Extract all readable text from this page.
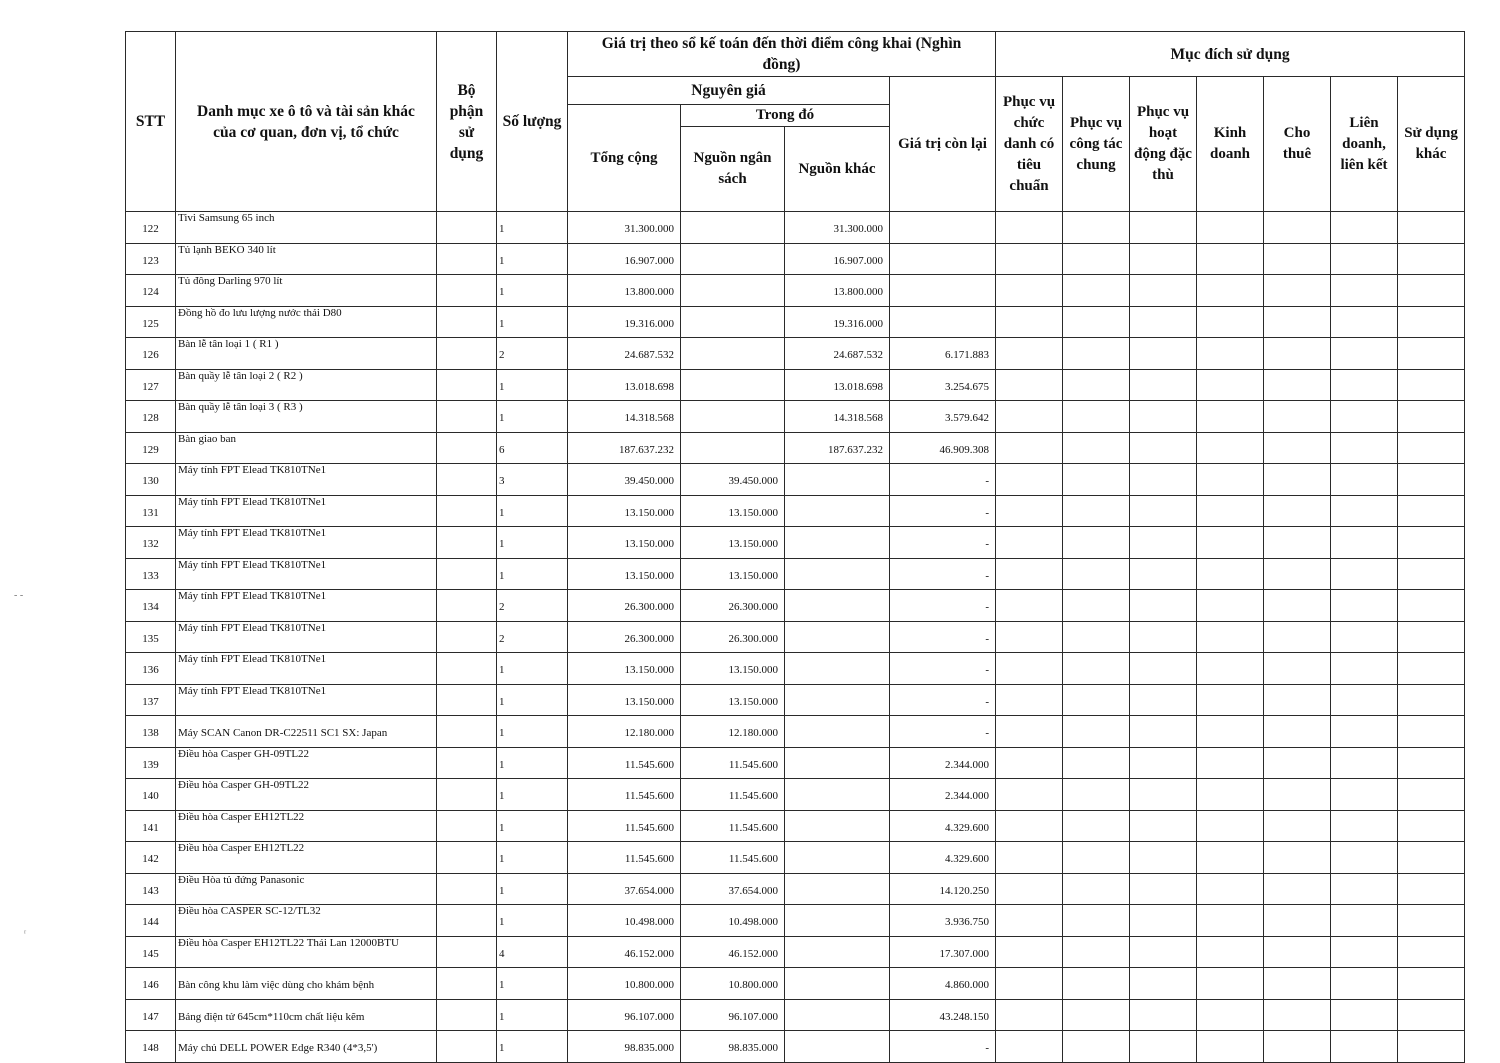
STT	Danh mục xe ô tô và tài sản khác của cơ quan, đơn vị, tổ chức	Bộ phận sử dụng	Số lượng	Giá trị theo sổ kế toán đến thời điểm công khai (Nghìn đồng)				Mục đích sử dụng						
				Nguyên giá			Giá trị còn lại	Phục vụ chức danh có tiêu chuẩn	Phục vụ công tác chung	Phục vụ hoạt động đặc thù	Kinh doanh	Cho thuê	Liên doanh, liên kết	Sử dụng khác
				Tổng cộng	Trong đó									
					Nguồn ngân sách	Nguồn khác								
122	Tivi Samsung 65 inch		1	31.300.000		31.300.000								
123	Tủ lạnh BEKO 340 lít		1	16.907.000		16.907.000								
124	Tủ đông Darling 970 lít		1	13.800.000		13.800.000								
125	Đồng hồ đo lưu lượng nước thải D80		1	19.316.000		19.316.000								
126	Bàn lễ tân loại 1 ( R1 )		2	24.687.532		24.687.532	6.171.883							
127	Bàn quầy lễ tân loại 2 ( R2 )		1	13.018.698		13.018.698	3.254.675							
128	Bàn quầy lễ tân loại 3 ( R3 )		1	14.318.568		14.318.568	3.579.642							
129	Bàn giao ban		6	187.637.232		187.637.232	46.909.308							
130	Máy tính FPT Elead TK810TNe1		3	39.450.000	39.450.000		-							
131	Máy tính FPT Elead TK810TNe1		1	13.150.000	13.150.000		-							
132	Máy tính FPT Elead TK810TNe1		1	13.150.000	13.150.000		-							
133	Máy tính FPT Elead TK810TNe1		1	13.150.000	13.150.000		-							
134	Máy tính FPT Elead TK810TNe1		2	26.300.000	26.300.000		-							
135	Máy tính FPT Elead TK810TNe1		2	26.300.000	26.300.000		-							
136	Máy tính FPT Elead TK810TNe1		1	13.150.000	13.150.000		-							
137	Máy tính FPT Elead TK810TNe1		1	13.150.000	13.150.000		-							
138	Máy SCAN Canon DR-C22511 SC1 SX: Japan		1	12.180.000	12.180.000		-							
139	Điều hòa Casper GH-09TL22		1	11.545.600	11.545.600		2.344.000							
140	Điều hòa Casper GH-09TL22		1	11.545.600	11.545.600		2.344.000							
141	Điều hòa Casper EH12TL22		1	11.545.600	11.545.600		4.329.600							
142	Điều hòa Casper EH12TL22		1	11.545.600	11.545.600		4.329.600							
143	Điều Hòa tủ đứng Panasonic		1	37.654.000	37.654.000		14.120.250							
144	Điều hòa CASPER SC-12/TL32		1	10.498.000	10.498.000		3.936.750							
145	Điều hòa Casper EH12TL22 Thái Lan 12000BTU		4	46.152.000	46.152.000		17.307.000							
146	Bàn công khu làm việc dùng cho khám bệnh		1	10.800.000	10.800.000		4.860.000							
147	Bảng điện tử 645cm*110cm chất liệu kẽm		1	96.107.000	96.107.000		43.248.150							
148	Máy chủ DELL POWER Edge R340 (4*3,5')		1	98.835.000	98.835.000		-							
‐ ‑
ʳ
